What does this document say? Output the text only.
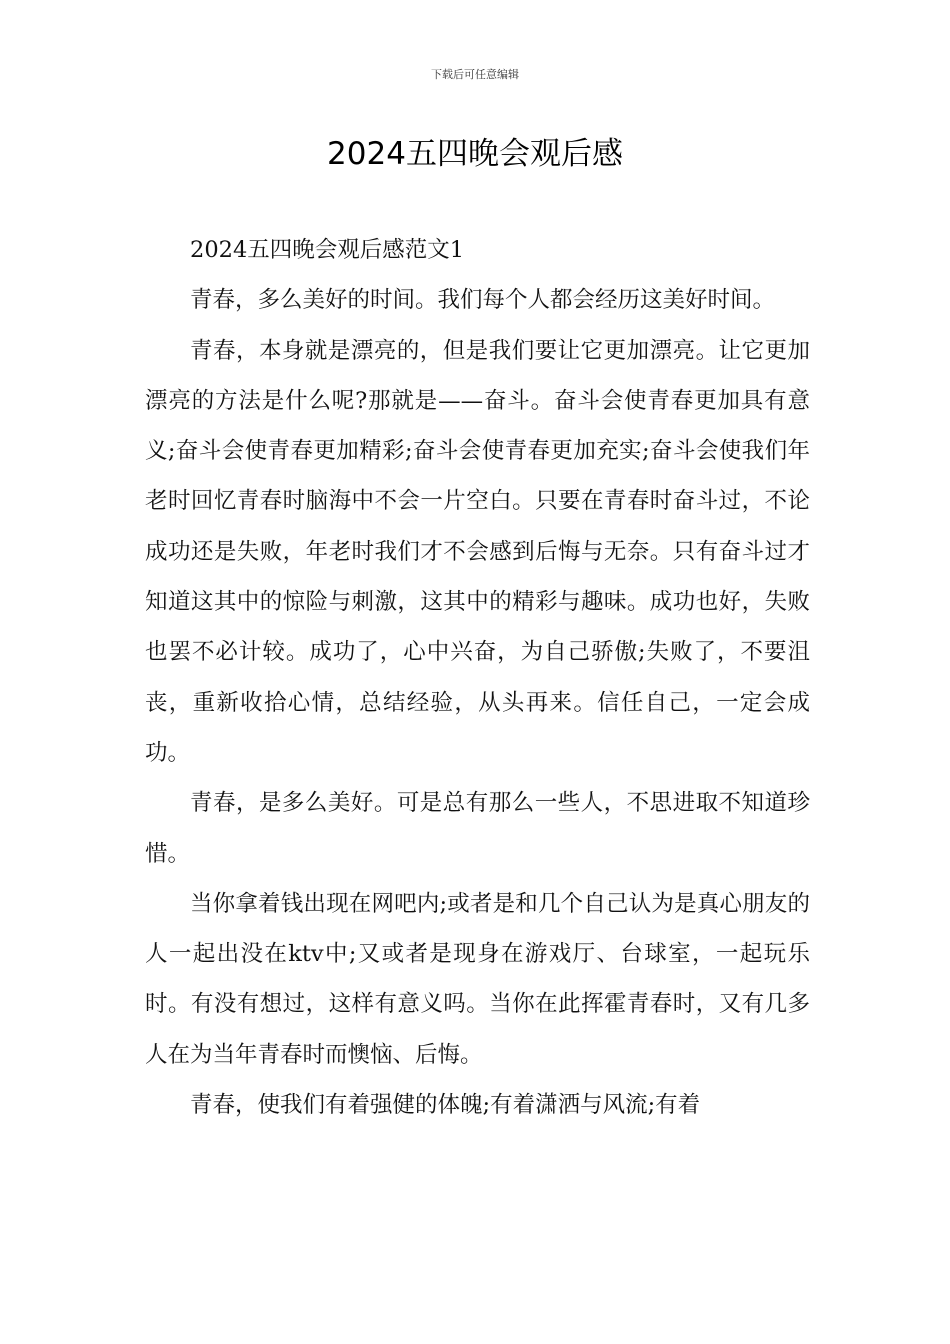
下载后可任意编辑
2024五四晚会观后感

2024五四晚会观后感范文1

青春，多么美好的时间。我们每个人都会经历这美好时间。

青春，本身就是漂亮的，但是我们要让它更加漂亮。让它更加漂亮的方法是什么呢?那就是——奋斗。奋斗会使青春更加具有意义;奋斗会使青春更加精彩;奋斗会使青春更加充实;奋斗会使我们年老时回忆青春时脑海中不会一片空白。只要在青春时奋斗过，不论成功还是失败，年老时我们才不会感到后悔与无奈。只有奋斗过才知道这其中的惊险与刺激，这其中的精彩与趣味。成功也好，失败也罢不必计较。成功了，心中兴奋，为自己骄傲;失败了，不要沮丧，重新收拾心情，总结经验，从头再来。信任自己，一定会成功。

青春，是多么美好。可是总有那么一些人，不思进取不知道珍惜。

当你拿着钱出现在网吧内;或者是和几个自己认为是真心朋友的人一起出没在ktv中;又或者是现身在游戏厅、台球室，一起玩乐时。有没有想过，这样有意义吗。当你在此挥霍青春时，又有几多人在为当年青春时而懊恼、后悔。

青春，使我们有着强健的体魄;有着潇洒与风流;有着
